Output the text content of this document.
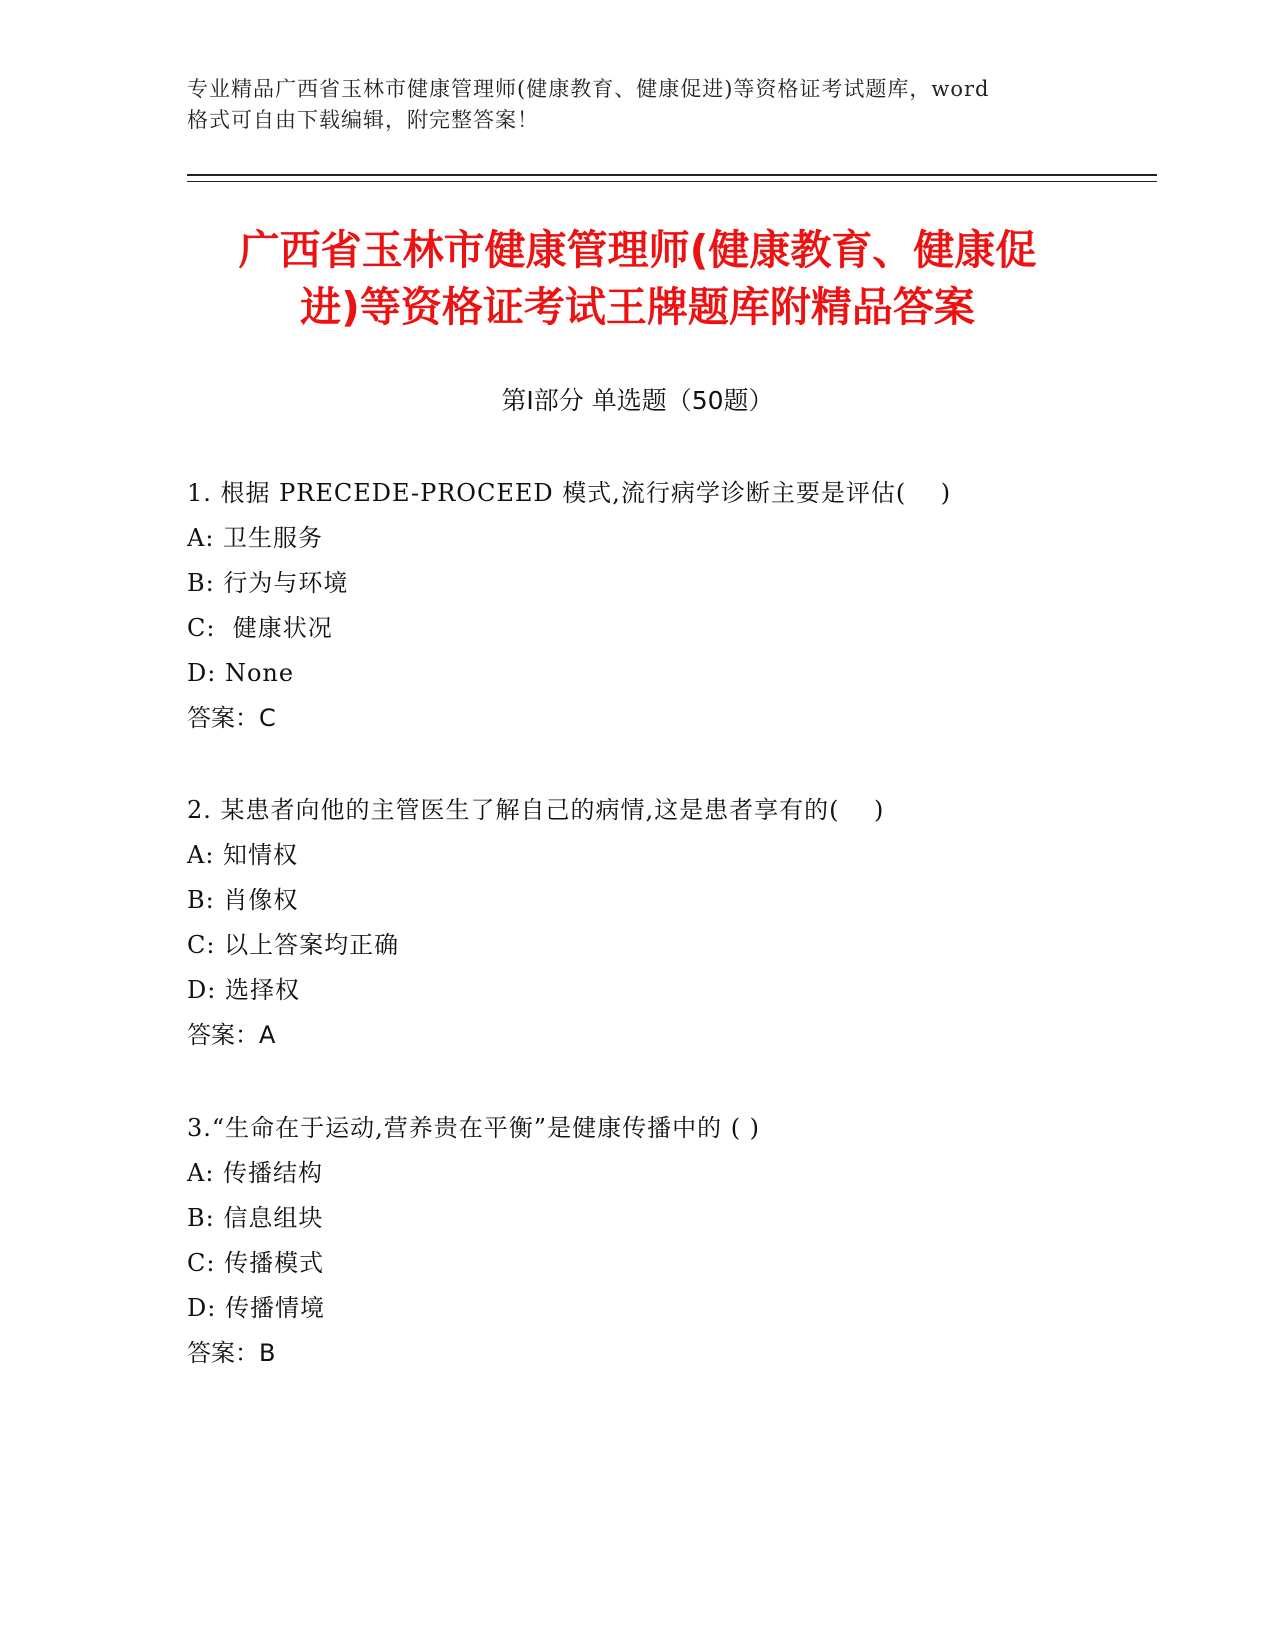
专业精品广西省玉林市健康管理师(健康教育、健康促进)等资格证考试题库，word
格式可自由下载编辑，附完整答案！
广西省玉林市健康管理师(健康教育、健康促
进)等资格证考试王牌题库附精品答案
第Ⅰ部分 单选题（50题）
1. 根据 PRECEDE-PROCEED 模式,流行病学诊断主要是评估(    )
A: 卫生服务
B: 行为与环境
C:  健康状况
D: None
答案：C
2. 某患者向他的主管医生了解自己的病情,这是患者享有的(    )
A: 知情权
B: 肖像权
C: 以上答案均正确
D: 选择权
答案：A
3.“生命在于运动,营养贵在平衡”是健康传播中的 ( )
A: 传播结构
B: 信息组块
C: 传播模式
D: 传播情境
答案：B
